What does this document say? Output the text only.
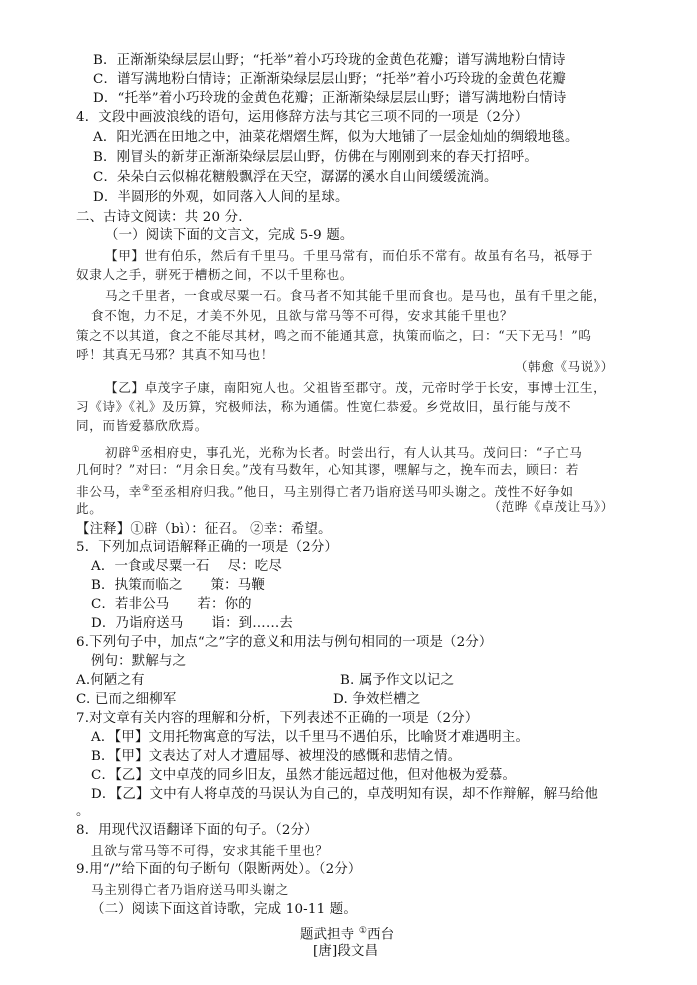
B．正渐渐染绿层层山野；“托举”着小巧玲珑的金黄色花瓣；谱写满地粉白情诗
C．谱写满地粉白情诗；正渐渐染绿层层山野；“托举”着小巧玲珑的金黄色花瓣
D．“托举”着小巧玲珑的金黄色花瓣；正渐渐染绿层层山野；谱写满地粉白情诗
4．文段中画波浪线的语句，运用修辞方法与其它三项不同的一项是（2分）
A．阳光洒在田地之中，油菜花熠熠生辉，似为大地铺了一层金灿灿的绸缎地毯。
B．刚冒头的新芽正渐渐染绿层层山野，仿佛在与刚刚到来的春天打招呼。
C．朵朵白云似棉花糖般飘浮在天空，潺潺的溪水自山间缓缓流淌。
D．半圆形的外观，如同落入人间的星球。
二、古诗文阅读：共 20 分.
（一）阅读下面的文言文，完成 5-9 题。
【甲】世有伯乐，然后有千里马。千里马常有，而伯乐不常有。故虽有名马，祇辱于
奴隶人之手，骈死于槽枥之间，不以千里称也。
马之千里者，一食或尽粟一石。食马者不知其能千里而食也。是马也，虽有千里之能，
食不饱，力不足，才美不外见，且欲与常马等不可得，安求其能千里也？
策之不以其道，食之不能尽其材，鸣之而不能通其意，执策而临之，曰：“天下无马！”呜
呼！其真无马邪？其真不知马也！
（韩愈《马说》）
【乙】卓茂字子康，南阳宛人也。父祖皆至郡守。茂，元帝时学于长安，事博士江生，
习《诗》《礼》及历算，究极师法，称为通儒。性宽仁恭爱。乡党故旧，虽行能与茂不
同，而皆爱慕欣欣焉。
初辟①丞相府史，事孔光，光称为长者。时尝出行，有人认其马。茂问曰：“子亡马
几何时？”对曰：“月余日矣。”茂有马数年，心知其谬，嘿解与之，挽车而去，顾曰：若
非公马，幸②至丞相府归我。”他日，马主别得亡者乃诣府送马叩头谢之。茂性不好争如
此。	（范晔《卓茂让马》）
【注释】①辟（bì）：征召。 ②幸：希望。
5．下列加点词语解释正确的一项是（2分）
A．一食或尽粟一石 尽：吃尽
B．执策而临之 策：马鞭
C．若非公马 若：你的
D．乃诣府送马 诣：到……去
6.下列句子中，加点“之”字的意义和用法与例句相同的一项是（2分）
例句：默解与之
A.何陋之有	B. 属予作文以记之
C. 已而之细柳军	D. 争效栏槽之
7.对文章有关内容的理解和分析，下列表述不正确的一项是（2分）
A．【甲】文用托物寓意的写法，以千里马不遇伯乐，比喻贤才难遇明主。
B．【甲】文表达了对人才遭屈辱、被埋没的感慨和悲情之情。
C．【乙】文中卓茂的同乡旧友，虽然才能远超过他，但对他极为爱慕。
D．【乙】文中有人将卓茂的马误认为自己的，卓茂明知有误，却不作辩解，解马给他
。
8．用现代汉语翻译下面的句子。（2分）
且欲与常马等不可得，安求其能千里也？
9.用“/”给下面的句子断句（限断两处）。（2分）
马主别得亡者乃诣府送马叩头谢之
（二）阅读下面这首诗歌，完成 10-11 题。
题武担寺 ①西台
[唐]段文昌
